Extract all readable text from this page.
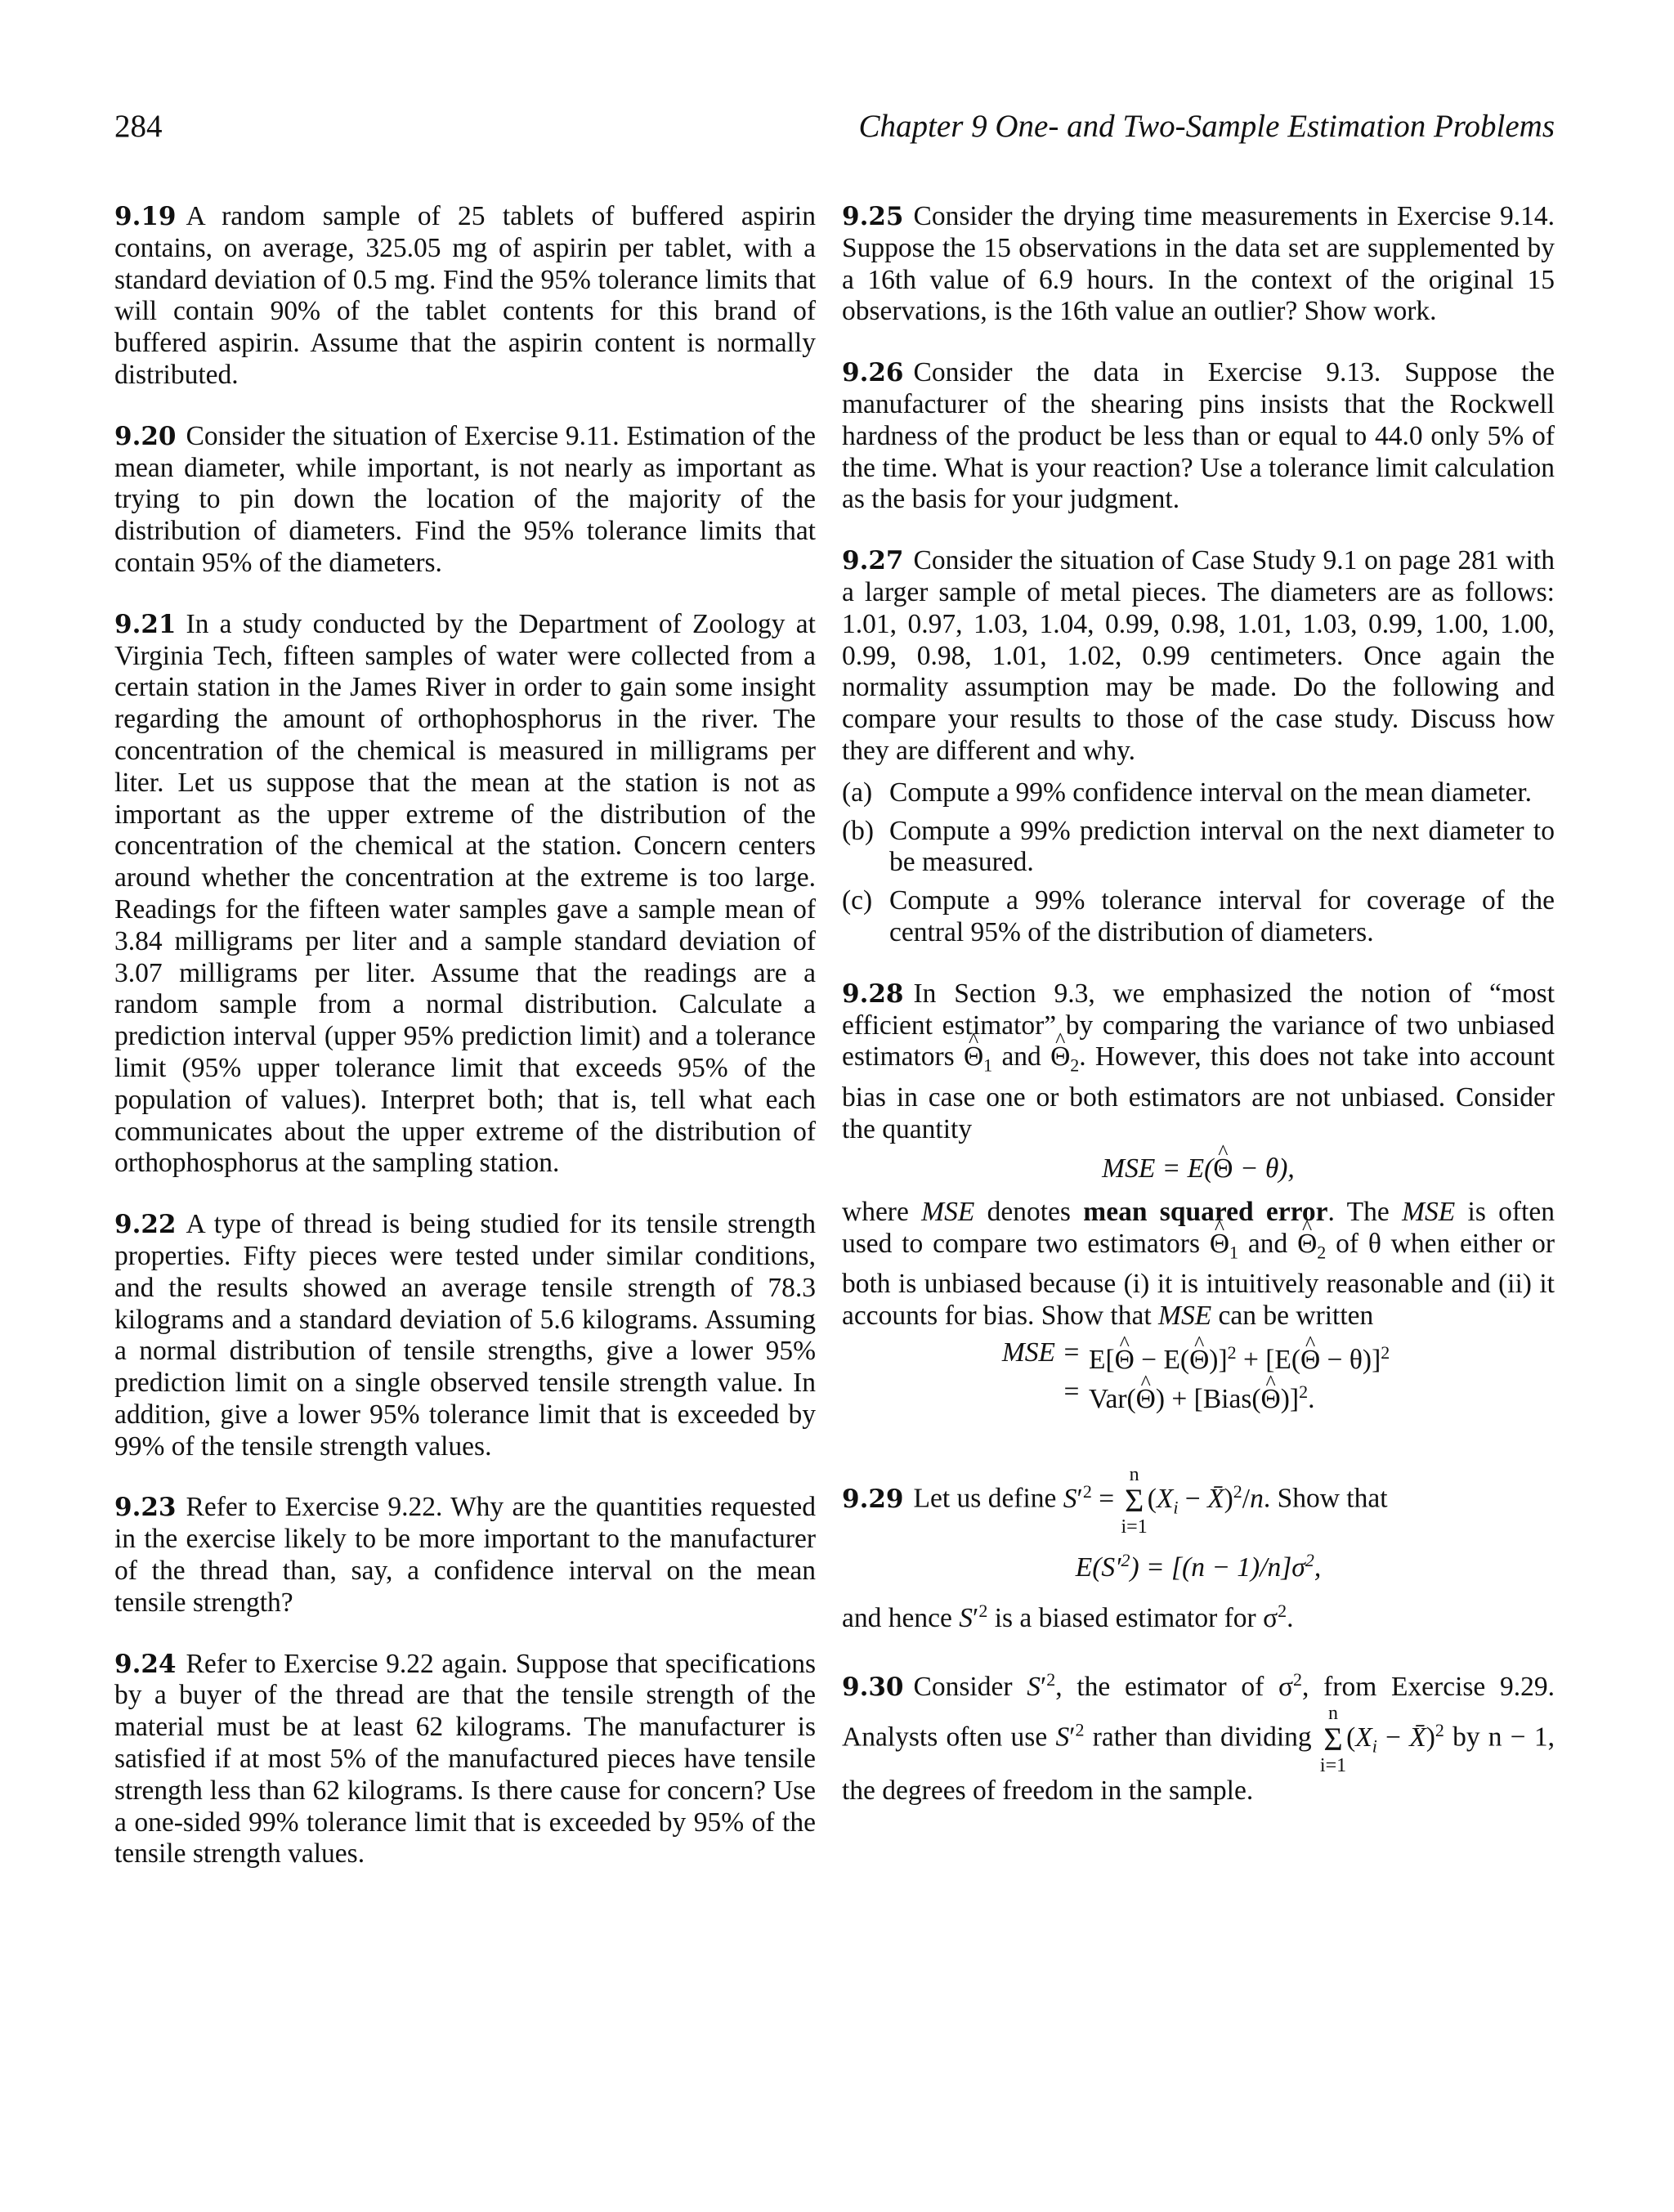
284	Chapter 9 One- and Two-Sample Estimation Problems

9.19 A random sample of 25 tablets of buffered aspirin contains, on average, 325.05 mg of aspirin per tablet, with a standard deviation of 0.5 mg. Find the 95% tolerance limits that will contain 90% of the tablet contents for this brand of buffered aspirin. Assume that the aspirin content is normally distributed.

9.20 Consider the situation of Exercise 9.11. Estimation of the mean diameter, while important, is not nearly as important as trying to pin down the location of the majority of the distribution of diameters. Find the 95% tolerance limits that contain 95% of the diameters.

9.21 In a study conducted by the Department of Zoology at Virginia Tech, fifteen samples of water were collected from a certain station in the James River in order to gain some insight regarding the amount of orthophosphorus in the river. The concentration of the chemical is measured in milligrams per liter. Let us suppose that the mean at the station is not as important as the upper extreme of the distribution of the concentration of the chemical at the station. Concern centers around whether the concentration at the extreme is too large. Readings for the fifteen water samples gave a sample mean of 3.84 milligrams per liter and a sample standard deviation of 3.07 milligrams per liter. Assume that the readings are a random sample from a normal distribution. Calculate a prediction interval (upper 95% prediction limit) and a tolerance limit (95% upper tolerance limit that exceeds 95% of the population of values). Interpret both; that is, tell what each communicates about the upper extreme of the distribution of orthophosphorus at the sampling station.

9.22 A type of thread is being studied for its tensile strength properties. Fifty pieces were tested under similar conditions, and the results showed an average tensile strength of 78.3 kilograms and a standard deviation of 5.6 kilograms. Assuming a normal distribution of tensile strengths, give a lower 95% prediction limit on a single observed tensile strength value. In addition, give a lower 95% tolerance limit that is exceeded by 99% of the tensile strength values.

9.23 Refer to Exercise 9.22. Why are the quantities requested in the exercise likely to be more important to the manufacturer of the thread than, say, a confidence interval on the mean tensile strength?

9.24 Refer to Exercise 9.22 again. Suppose that specifications by a buyer of the thread are that the tensile strength of the material must be at least 62 kilograms. The manufacturer is satisfied if at most 5% of the manufactured pieces have tensile strength less than 62 kilograms. Is there cause for concern? Use a one-sided 99% tolerance limit that is exceeded by 95% of the tensile strength values.

9.25 Consider the drying time measurements in Exercise 9.14. Suppose the 15 observations in the data set are supplemented by a 16th value of 6.9 hours. In the context of the original 15 observations, is the 16th value an outlier? Show work.

9.26 Consider the data in Exercise 9.13. Suppose the manufacturer of the shearing pins insists that the Rockwell hardness of the product be less than or equal to 44.0 only 5% of the time. What is your reaction? Use a tolerance limit calculation as the basis for your judgment.

9.27 Consider the situation of Case Study 9.1 on page 281 with a larger sample of metal pieces. The diameters are as follows: 1.01, 0.97, 1.03, 1.04, 0.99, 0.98, 1.01, 1.03, 0.99, 1.00, 1.00, 0.99, 0.98, 1.01, 1.02, 0.99 centimeters. Once again the normality assumption may be made. Do the following and compare your results to those of the case study. Discuss how they are different and why.

(a) Compute a 99% confidence interval on the mean diameter.
(b) Compute a 99% prediction interval on the next diameter to be measured.
(c) Compute a 99% tolerance interval for coverage of the central 95% of the distribution of diameters.
9.28 In Section 9.3, we emphasized the notion of “most efficient estimator” by comparing the variance of two unbiased estimators ^ $\Theta_1$ and ^ $\Theta_2$. However, this does not take into account bias in case one or both estimators are not unbiased. Consider the quantity
MSE = E(^ Θ − θ),
where MSE denotes mean squared error. The MSE is often used to compare two estimators ^ $\Theta_1$ and ^ $\Theta_2$ of θ when either or both is unbiased because (i) it is intuitively reasonable and (ii) it accounts for bias. Show that MSE can be written
MSE = E[^ Θ − E(^ Θ)]$^2$ + [E(^ Θ − θ)]$^2$
= Var(^ Θ) + [Bias(^ Θ)]$^2$.
9.29 Let us define $S'^2 = n$
Σ
$i=1(X_i$ − X̄)$^2$/n. Show that
$E(S'^2) = [(n - 1)/n]\sigma^2$,
and hence $S'^2$ is a biased estimator for $\sigma^2$.
9.30 Consider $S'^2$, the estimator of $\sigma^2$, from Exercise 9.29. Analysts often use $S'^2$ rather than dividing n
Σ
$i=1(X_i$ − X̄)$^2$ by n − 1, the degrees of freedom in the sample.
